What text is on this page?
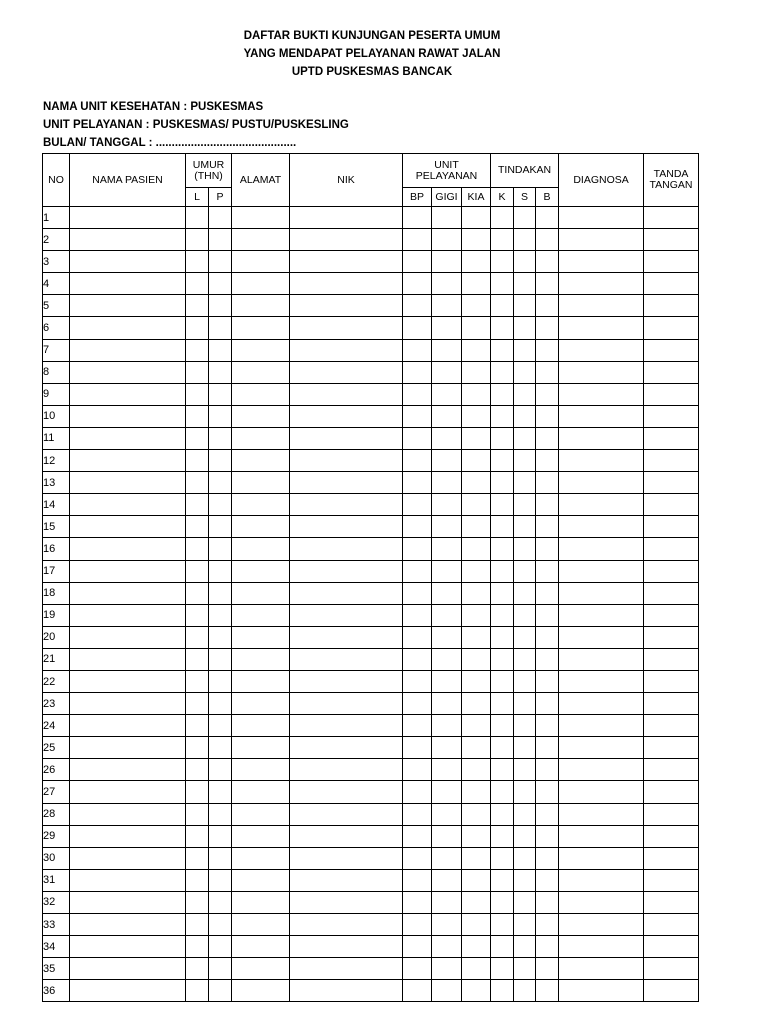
DAFTAR BUKTI KUNJUNGAN PESERTA UMUM
YANG MENDAPAT PELAYANAN RAWAT JALAN
UPTD PUSKESMAS BANCAK
NAMA UNIT KESEHATAN : PUSKESMAS
UNIT PELAYANAN : PUSKESMAS/ PUSTU/PUSKESLING
BULAN/ TANGGAL : ............................................
NO	NAMA PASIEN	UMUR (THN)		ALAMAT	NIK	UNIT PELAYANAN			TINDAKAN			DIAGNOSA	TANDA TANGAN
		L	P			BP	GIGI	KIA	K	S	B		
1													
2													
3													
4													
5													
6													
7													
8													
9													
10													
11													
12													
13													
14													
15													
16													
17													
18													
19													
20													
21													
22													
23													
24													
25													
26													
27													
28													
29													
30													
31													
32													
33													
34													
35													
36													
